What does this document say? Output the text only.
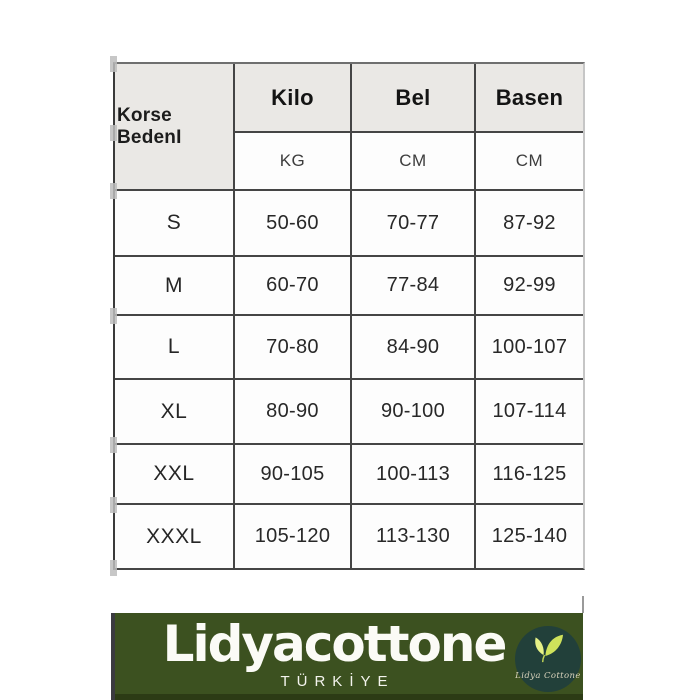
Korse BedenI
Kilo	Bel	Basen
KG	CM	CM
S	50-60	70-77	87-92
M	60-70	77-84	92-99
L	70-80	84-90	100-107
XL	80-90	90-100	107-114
XXL	90-105	100-113	116-125
XXXL	105-120	113-130	125-140
Lidyacottone
TÜRKİYE	Lidya Cottone
